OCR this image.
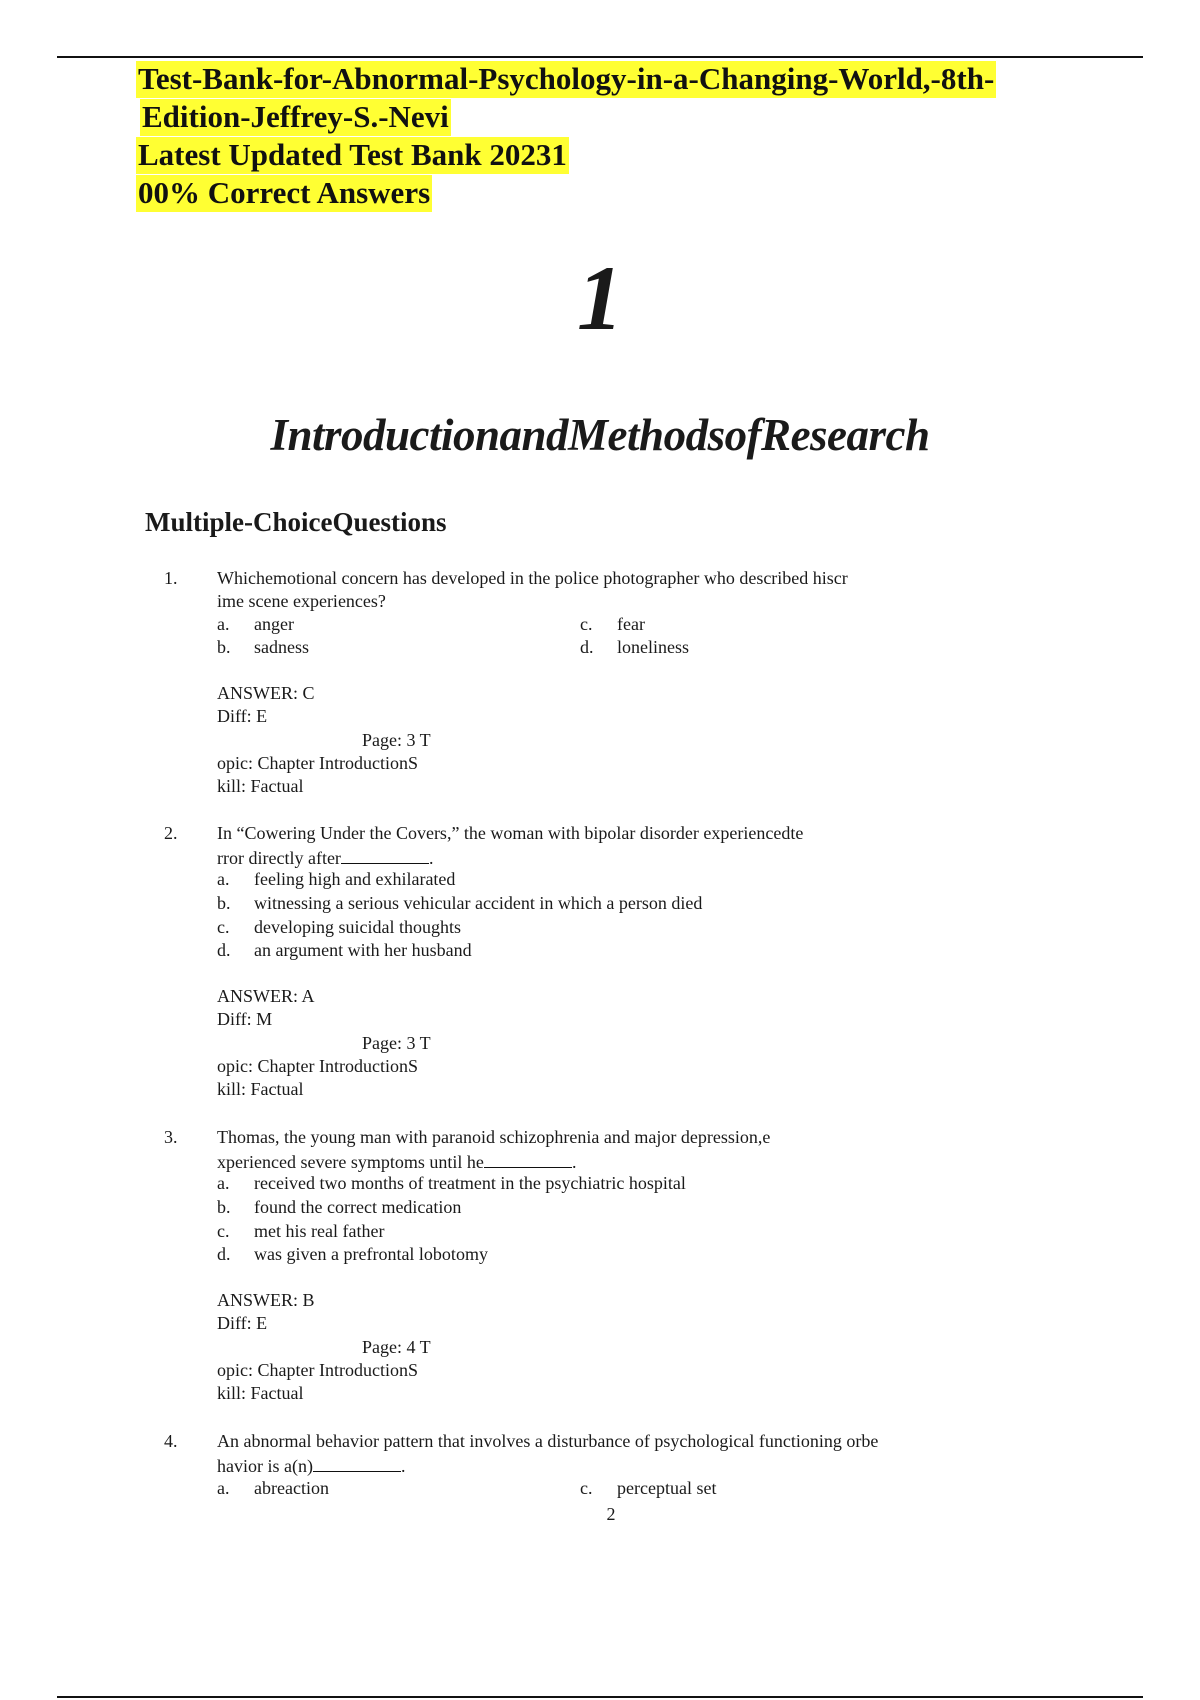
Test-Bank-for-Abnormal-Psychology-in-a-Changing-World,-8th-
Edition-Jeffrey-S.-Nevi
Latest Updated Test Bank 20231
00% Correct Answers
1
IntroductionandMethodsofResearch
Multiple-ChoiceQuestions
1. Whichemotional concern has developed in the police photographer who described hiscr
ime scene experiences?
a. anger
b. sadness
c. fear
d. loneliness
ANSWER: C
Diff: E
Page: 3 T
opic: Chapter IntroductionS
kill: Factual
2. In “Cowering Under the Covers,” the woman with bipolar disorder experiencedte
rror directly after	.
a. feeling high and exhilarated
b. witnessing a serious vehicular accident in which a person died
c. developing suicidal thoughts
d. an argument with her husband
ANSWER: A
Diff: M
Page: 3 T
opic: Chapter IntroductionS
kill: Factual
3. Thomas, the young man with paranoid schizophrenia and major depression,e
xperienced severe symptoms until he	.
a. received two months of treatment in the psychiatric hospital
b. found the correct medication
c. met his real father
d. was given a prefrontal lobotomy
ANSWER: B
Diff: E
Page: 4 T
opic: Chapter IntroductionS
kill: Factual
4. An abnormal behavior pattern that involves a disturbance of psychological functioning orbe
havior is a(n)	.
a. abreaction	c. perceptual set
2
